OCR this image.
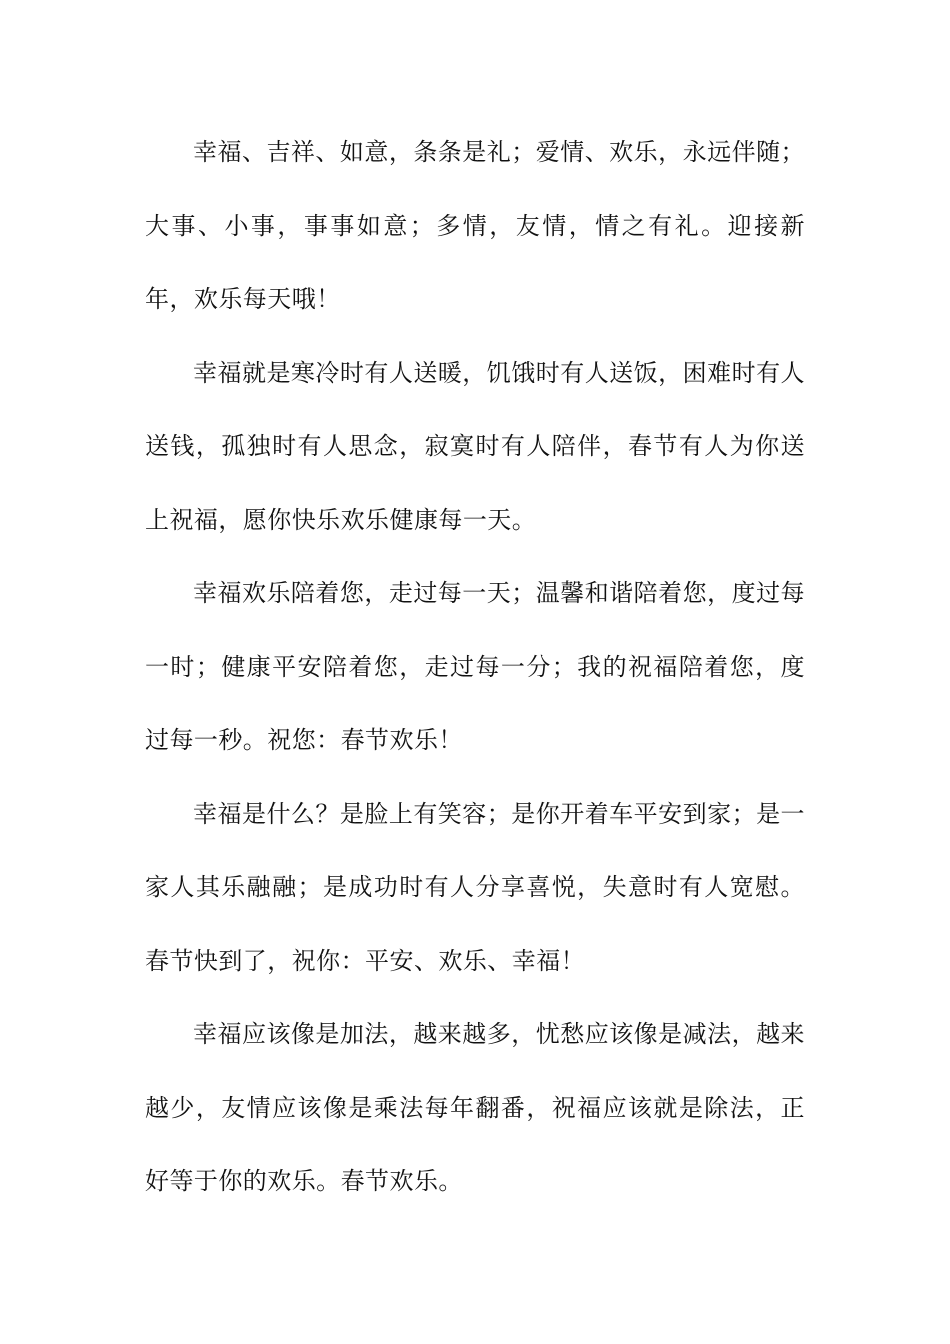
幸福、吉祥、如意，条条是礼；爱情、欢乐，永远伴随；大事、小事，事事如意；多情，友情，情之有礼。迎接新年，欢乐每天哦！

幸福就是寒冷时有人送暖，饥饿时有人送饭，困难时有人送钱，孤独时有人思念，寂寞时有人陪伴，春节有人为你送上祝福，愿你快乐欢乐健康每一天。

幸福欢乐陪着您，走过每一天；温馨和谐陪着您，度过每一时；健康平安陪着您，走过每一分；我的祝福陪着您，度过每一秒。祝您：春节欢乐！

幸福是什么？是脸上有笑容；是你开着车平安到家；是一家人其乐融融；是成功时有人分享喜悦，失意时有人宽慰。春节快到了，祝你：平安、欢乐、幸福！

幸福应该像是加法，越来越多，忧愁应该像是减法，越来越少，友情应该像是乘法每年翻番，祝福应该就是除法，正好等于你的欢乐。春节欢乐。
